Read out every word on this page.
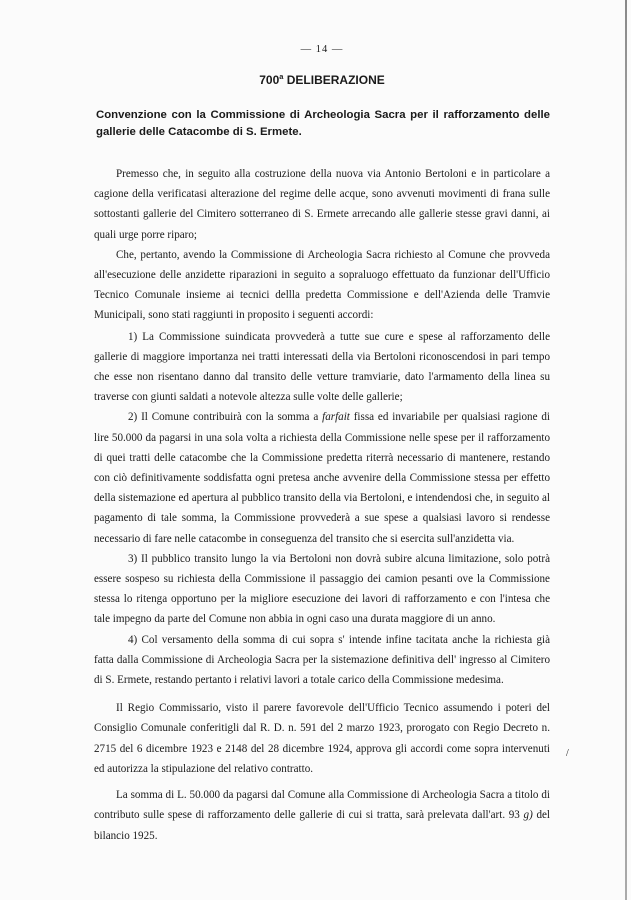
— 14 —
700$^a$ DELIBERAZIONE
Convenzione con la Commissione di Archeologia Sacra per il rafforzamento delle gallerie delle Catacombe di S. Ermete.

Premesso che, in seguito alla costruzione della nuova via Antonio Bertoloni e in particolare a cagione della verificatasi alterazione del regime delle acque, sono avvenuti movimenti di frana sulle sottostanti gallerie del Cimitero sotterraneo di S. Ermete arrecando alle gallerie stesse gravi danni, ai quali urge porre riparo;

Che, pertanto, avendo la Commissione di Archeologia Sacra richiesto al Comune che provveda all'esecuzione delle anzidette riparazioni in seguito a sopraluogo effettuato da funzionar dell'Ufficio Tecnico Comunale insieme ai tecnici dellla predetta Commissione e dell'Azienda delle Tramvie Municipali, sono stati raggiunti in proposito i seguenti accordi:

1) La Commissione suindicata provvederà a tutte sue cure e spese al rafforzamento delle gallerie di maggiore importanza nei tratti interessati della via Bertoloni riconoscendosi in pari tempo che esse non risentano danno dal transito delle vetture tramviarie, dato l'armamento della linea su traverse con giunti saldati a notevole altezza sulle volte delle gallerie;

2) Il Comune contribuirà con la somma a farfait fissa ed invariabile per qualsiasi ragione di lire 50.000 da pagarsi in una sola volta a richiesta della Commissione nelle spese per il rafforzamento di quei tratti delle catacombe che la Commissione predetta riterrà necessario di mantenere, restando con ciò definitivamente soddisfatta ogni pretesa anche avvenire della Commissione stessa per effetto della sistemazione ed apertura al pubblico transito della via Bertoloni, e intendendosi che, in seguito al pagamento di tale somma, la Commissione provvederà a sue spese a qualsiasi lavoro si rendesse necessario di fare nelle catacombe in conseguenza del transito che si esercita sull'anzidetta via.

3) Il pubblico transito lungo la via Bertoloni non dovrà subire alcuna limitazione, solo potrà essere sospeso su richiesta della Commissione il passaggio dei camion pesanti ove la Commissione stessa lo ritenga opportuno per la migliore esecuzione dei lavori di rafforzamento e con l'intesa che tale impegno da parte del Comune non abbia in ogni caso una durata maggiore di un anno.

4) Col versamento della somma di cui sopra s' intende infine tacitata anche la richiesta già fatta dalla Commissione di Archeologia Sacra per la sistemazione definitiva dell' ingresso al Cimitero di S. Ermete, restando pertanto i relativi lavori a totale carico della Commissione medesima.

Il Regio Commissario, visto il parere favorevole dell'Ufficio Tecnico assumendo i poteri del Consiglio Comunale conferitigli dal R. D. n. 591 del 2 marzo 1923, prorogato con Regio Decreto n. 2715 del 6 dicembre 1923 e 2148 del 28 dicembre 1924, approva gli accordi come sopra intervenuti ed autorizza la stipulazione del relativo contratto.

La somma di L. 50.000 da pagarsi dal Comune alla Commissione di Archeologia Sacra a titolo di contributo sulle spese di rafforzamento delle gallerie di cui si tratta, sarà prelevata dall'art. 93 g) del bilancio 1925.

/
